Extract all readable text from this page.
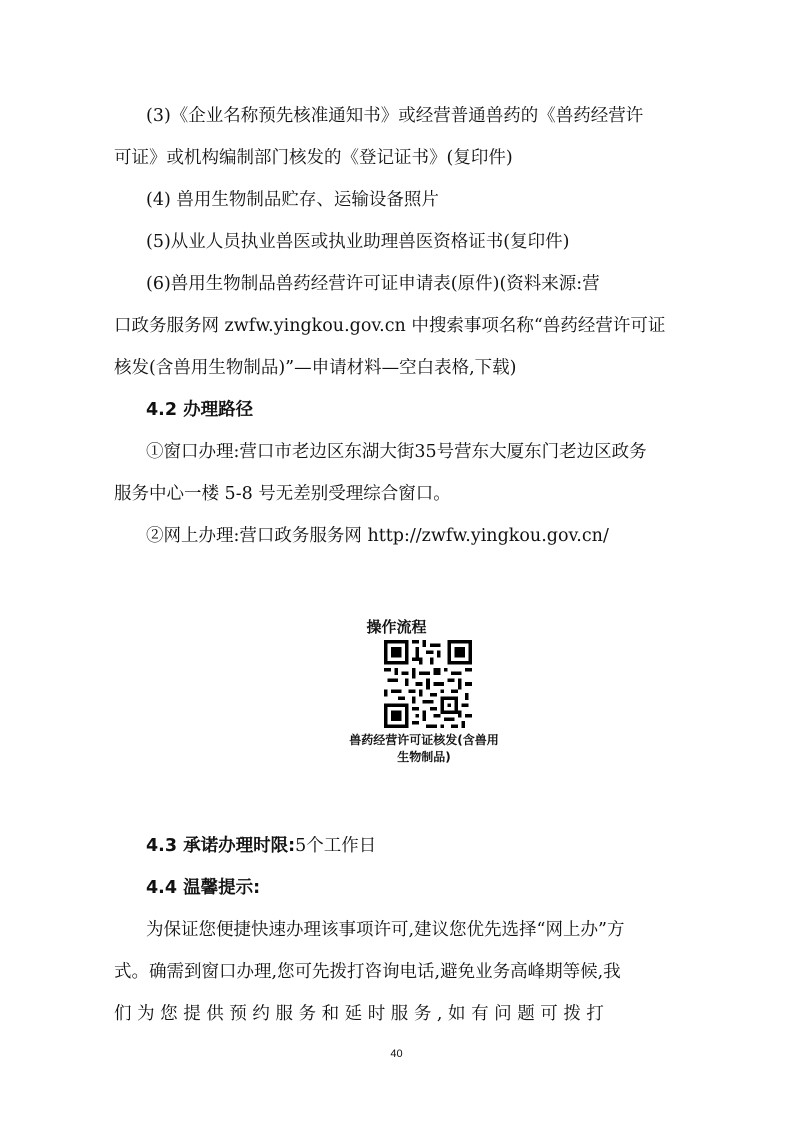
(3)《企业名称预先核准通知书》或经营普通兽药的《兽药经营许
可证》或机构编制部门核发的《登记证书》(复印件)
(4) 兽用生物制品贮存、运输设备照片
(5)从业人员执业兽医或执业助理兽医资格证书(复印件)
(6)兽用生物制品兽药经营许可证申请表(原件)(资料来源:营
口政务服务网 zwfw.yingkou.gov.cn 中搜索事项名称“兽药经营许可证
核发(含兽用生物制品)”—申请材料—空白表格,下载)
4.2 办理路径
①窗口办理:营口市老边区东湖大街35号营东大厦东门老边区政务
服务中心一楼 5-8 号无差别受理综合窗口。
②网上办理:营口政务服务网 http://zwfw.yingkou.gov.cn/
操作流程
兽药经营许可证核发(含兽用生物制品)
4.3 承诺办理时限:5个工作日
4.4 温馨提示:
为保证您便捷快速办理该事项许可,建议您优先选择“网上办”方
式。确需到窗口办理,您可先拨打咨询电话,避免业务高峰期等候,我
们 为 您 提 供 预 约 服 务 和 延 时 服 务 , 如 有 问 题 可 拨 打
40
